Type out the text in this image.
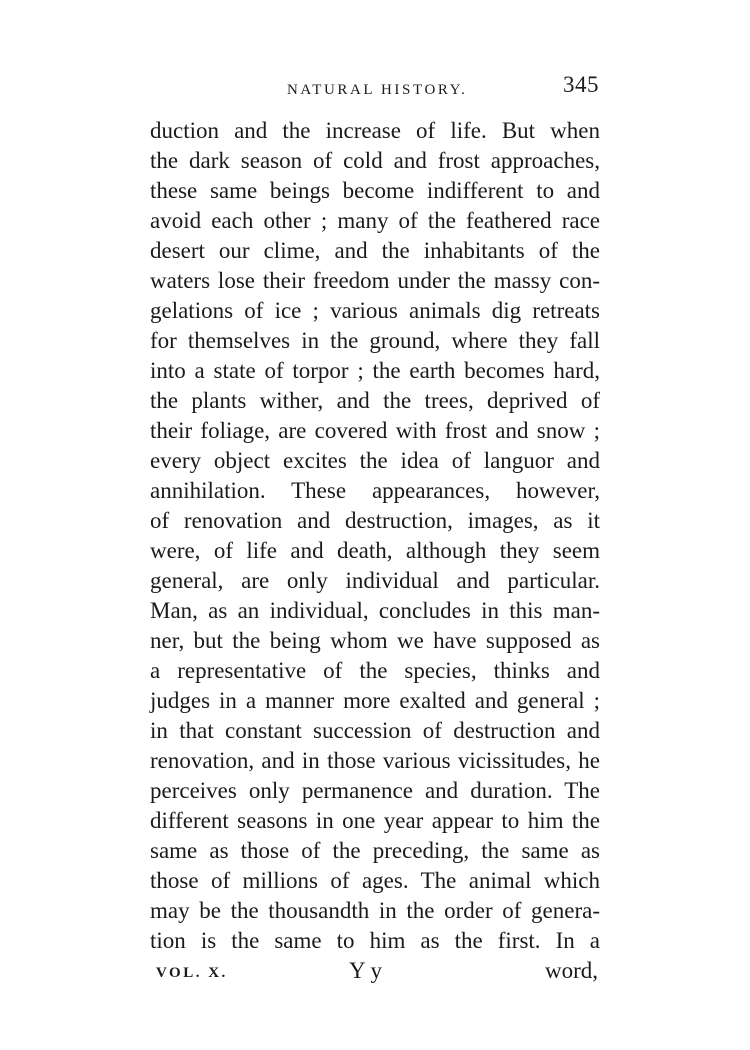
NATURAL HISTORY.	345
duction and the increase of life. But when
the dark season of cold and frost approaches,
these same beings become indifferent to and
avoid each other ; many of the feathered race
desert our clime, and the inhabitants of the
waters lose their freedom under the massy con-
gelations of ice ; various animals dig retreats
for themselves in the ground, where they fall
into a state of torpor ; the earth becomes hard,
the plants wither, and the trees, deprived of
their foliage, are covered with frost and snow ;
every object excites the idea of languor and
annihilation. These appearances, however,
of renovation and destruction, images, as it
were, of life and death, although they seem
general, are only individual and particular.
Man, as an individual, concludes in this man-
ner, but the being whom we have supposed as
a representative of the species, thinks and
judges in a manner more exalted and general ;
in that constant succession of destruction and
renovation, and in those various vicissitudes, he
perceives only permanence and duration. The
different seasons in one year appear to him the
same as those of the preceding, the same as
those of millions of ages. The animal which
may be the thousandth in the order of genera-
tion is the same to him as the first. In a
VOL. X.	Y y	word,
